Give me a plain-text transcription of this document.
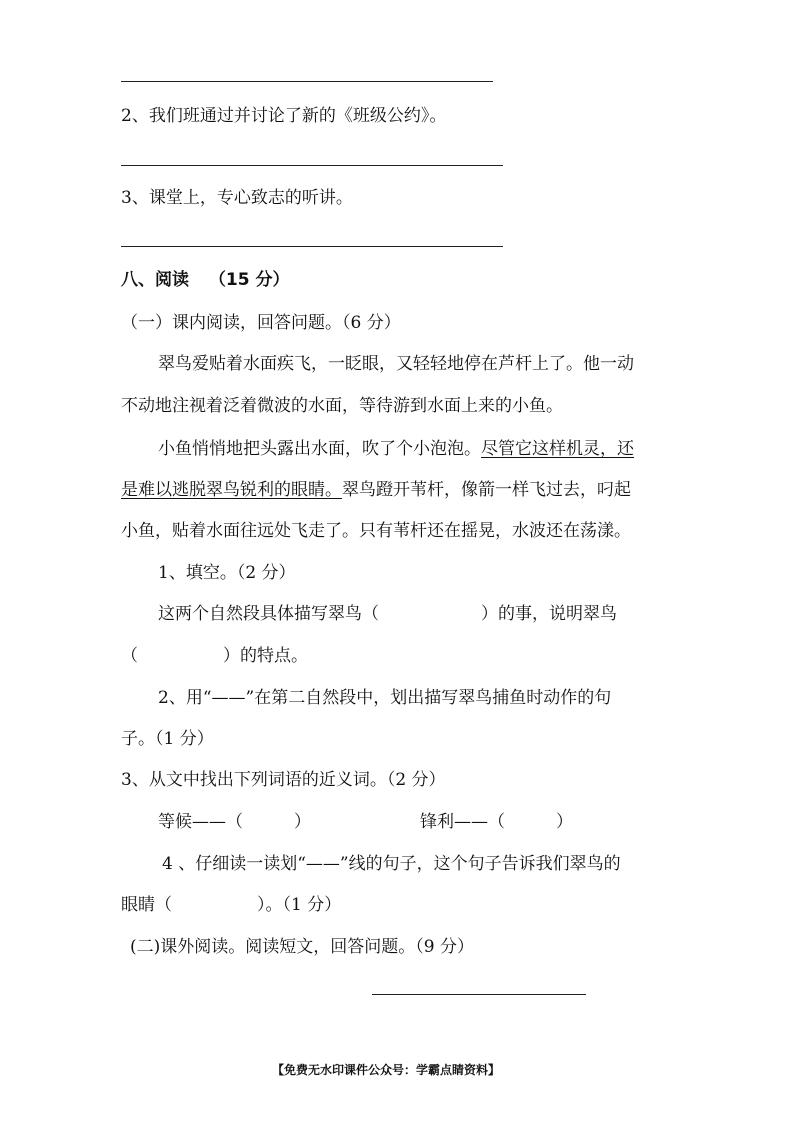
2、我们班通过并讨论了新的《班级公约》。
3、课堂上，专心致志的听讲。
八、阅读 （15 分）
（一）课内阅读，回答问题。（6 分）
翠鸟爱贴着水面疾飞，一眨眼，又轻轻地停在芦杆上了。他一动
不动地注视着泛着微波的水面，等待游到水面上来的小鱼。
小鱼悄悄地把头露出水面，吹了个小泡泡。尽管它这样机灵，还
是难以逃脱翠鸟锐利的眼睛。翠鸟蹬开苇杆，像箭一样飞过去，叼起
小鱼，贴着水面往远处飞走了。只有苇杆还在摇晃，水波还在荡漾。
1、填空。（2 分）
这两个自然段具体描写翠鸟（　　　　　　）的事，说明翠鸟
（　　　　　）的特点。
2、用“——”在第二自然段中，划出描写翠鸟捕鱼时动作的句
子。（1 分）
3、从文中找出下列词语的近义词。（2 分）
等候——（　　　）	锋利——（　　　）
4 、仔细读一读划“——”线的句子，这个句子告诉我们翠鸟的
眼睛（　　　　　）。（1 分）
(二)课外阅读。阅读短文，回答问题。（9 分）
【免费无水印课件公众号：学霸点睛资料】
